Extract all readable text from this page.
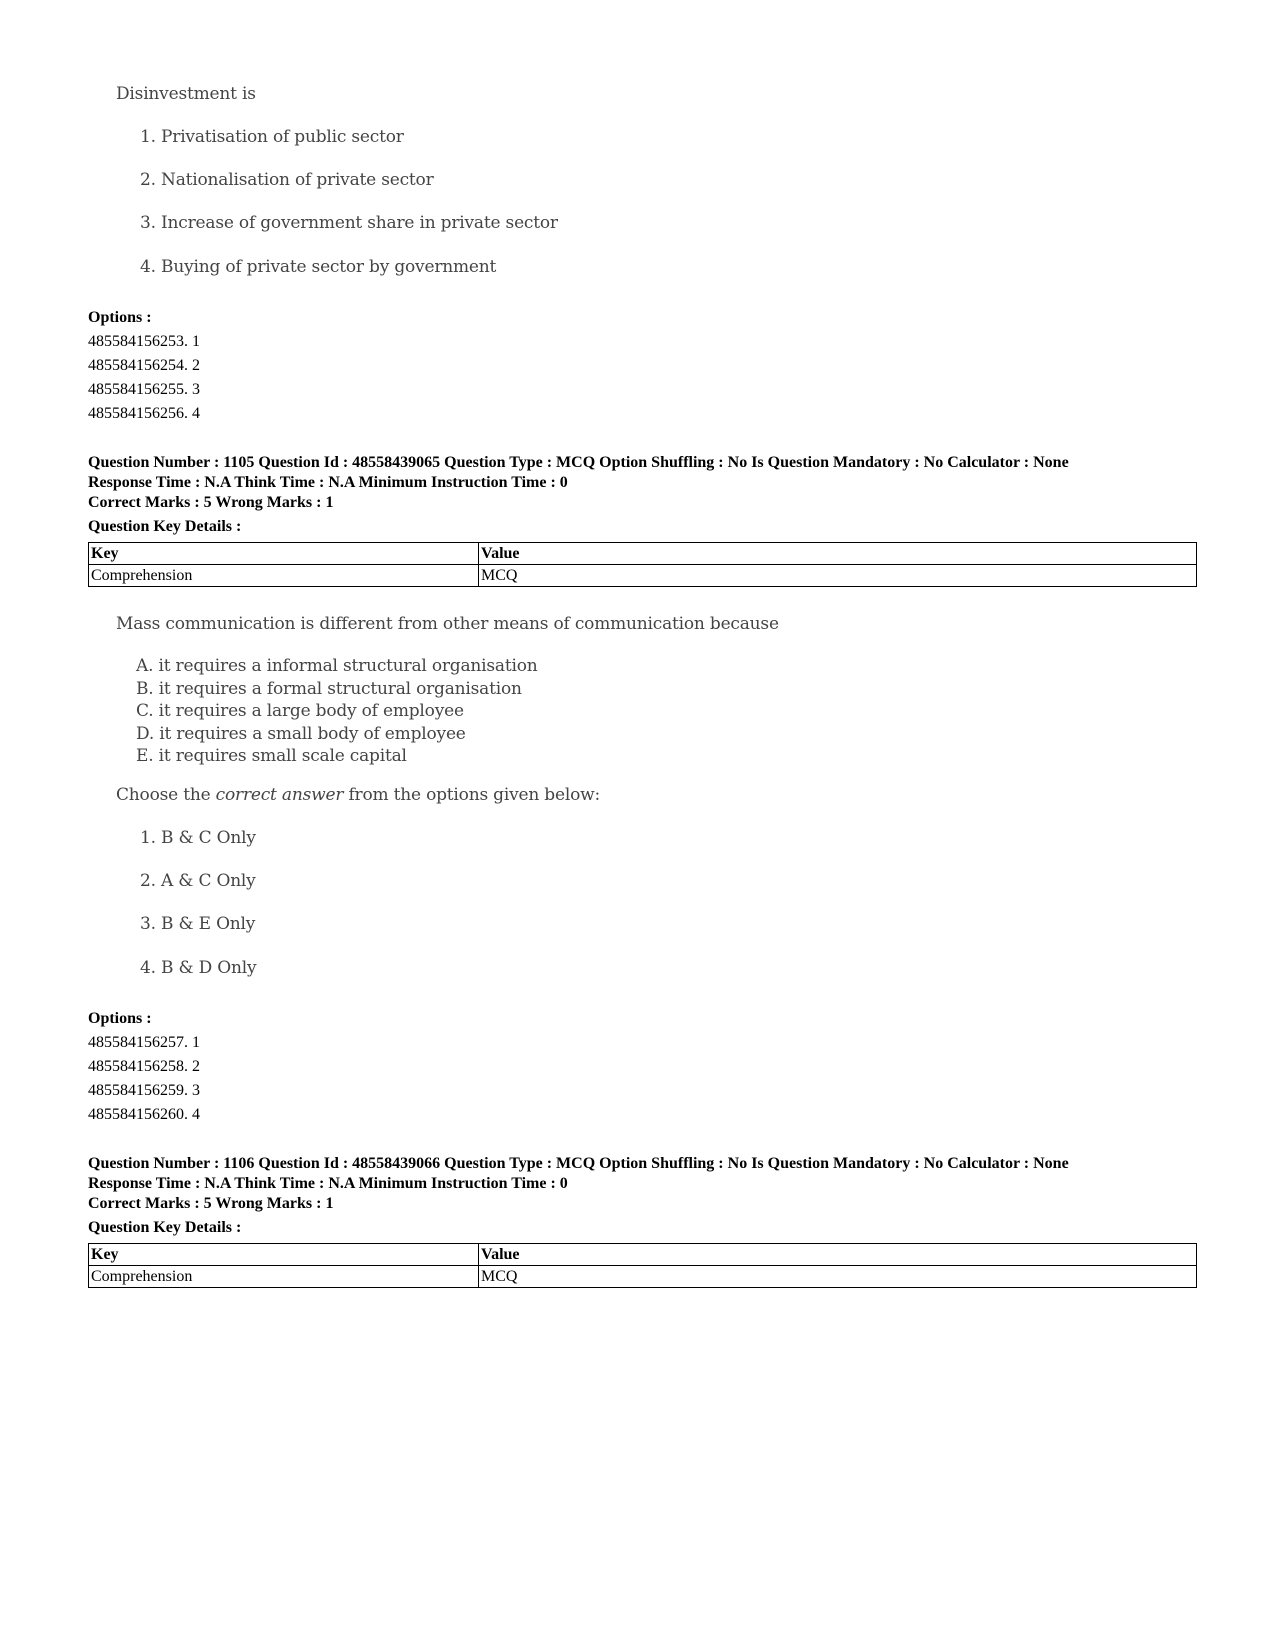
Disinvestment is
1. Privatisation of public sector
2. Nationalisation of private sector
3. Increase of government share in private sector
4. Buying of private sector by government
Options :
485584156253. 1
485584156254. 2
485584156255. 3
485584156256. 4
Question Number : 1105 Question Id : 48558439065 Question Type : MCQ Option Shuffling : No Is Question Mandatory : No Calculator : None
Response Time : N.A Think Time : N.A Minimum Instruction Time : 0
Correct Marks : 5 Wrong Marks : 1
Question Key Details :
Key	Value
Comprehension	MCQ
Mass communication is different from other means of communication because
A. it requires a informal structural organisation
B. it requires a formal structural organisation
C. it requires a large body of employee
D. it requires a small body of employee
E. it requires small scale capital
Choose the correct answer from the options given below:
1. B & C Only
2. A & C Only
3. B & E Only
4. B & D Only
Options :
485584156257. 1
485584156258. 2
485584156259. 3
485584156260. 4
Question Number : 1106 Question Id : 48558439066 Question Type : MCQ Option Shuffling : No Is Question Mandatory : No Calculator : None
Response Time : N.A Think Time : N.A Minimum Instruction Time : 0
Correct Marks : 5 Wrong Marks : 1
Question Key Details :
Key	Value
Comprehension	MCQ
